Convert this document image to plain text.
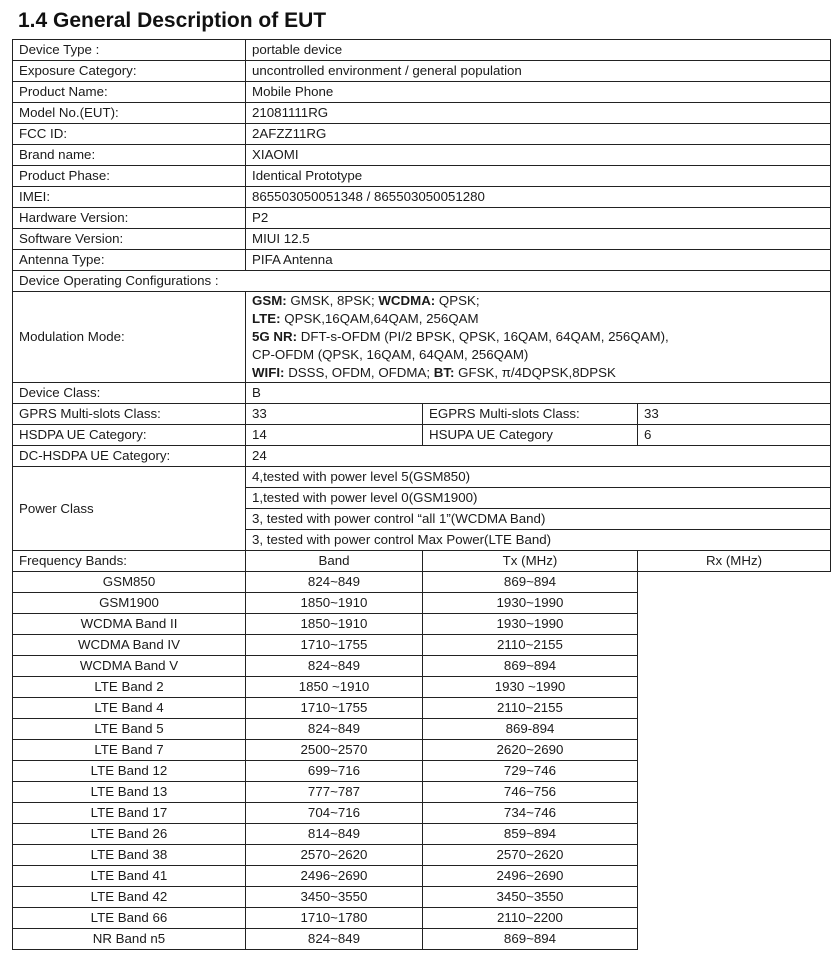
1.4 General Description of EUT
Device Type :	portable device		
Exposure Category:	uncontrolled environment / general population		
Product Name:	Mobile Phone		
Model No.(EUT):	21081111RG		
FCC ID:	2AFZZ11RG		
Brand name:	XIAOMI		
Product Phase:	Identical Prototype		
IMEI:	865503050051348 / 865503050051280		
Hardware Version:	P2		
Software Version:	MIUI 12.5		
Antenna Type:	PIFA Antenna		
Device Operating Configurations :			
Modulation Mode:	GSM: GMSK, 8PSK; WCDMA: QPSK;
LTE: QPSK,16QAM,64QAM, 256QAM
5G NR: DFT-s-OFDM (PI/2 BPSK, QPSK, 16QAM, 64QAM, 256QAM),
CP-OFDM (QPSK, 16QAM, 64QAM, 256QAM)
WIFI: DSSS, OFDM, OFDMA; BT: GFSK, π/4DQPSK,8DPSK		

Device Class:	B		
GPRS Multi-slots Class:	33	EGPRS Multi-slots Class:	33
HSDPA UE Category:	14	HSUPA UE Category	6
DC-HSDPA UE Category:	24		
Power Class	4,tested with power level 5(GSM850)		
	1,tested with power level 0(GSM1900)		
	3, tested with power control “all 1”(WCDMA Band)		
	3, tested with power control Max Power(LTE Band)		
Frequency Bands:	Band	Tx (MHz)	Rx (MHz)
GSM850	824~849	869~894	
GSM1900	1850~1910	1930~1990	
WCDMA Band II	1850~1910	1930~1990	
WCDMA Band IV	1710~1755	2110~2155	
WCDMA Band V	824~849	869~894	
LTE Band 2	1850 ~1910	1930 ~1990	
LTE Band 4	1710~1755	2110~2155	
LTE Band 5	824~849	869-894	
LTE Band 7	2500~2570	2620~2690	
LTE Band 12	699~716	729~746	
LTE Band 13	777~787	746~756	
LTE Band 17	704~716	734~746	
LTE Band 26	814~849	859~894	
LTE Band 38	2570~2620	2570~2620	
LTE Band 41	2496~2690	2496~2690	
LTE Band 42	3450~3550	3450~3550	
LTE Band 66	1710~1780	2110~2200	
NR Band n5	824~849	869~894	
